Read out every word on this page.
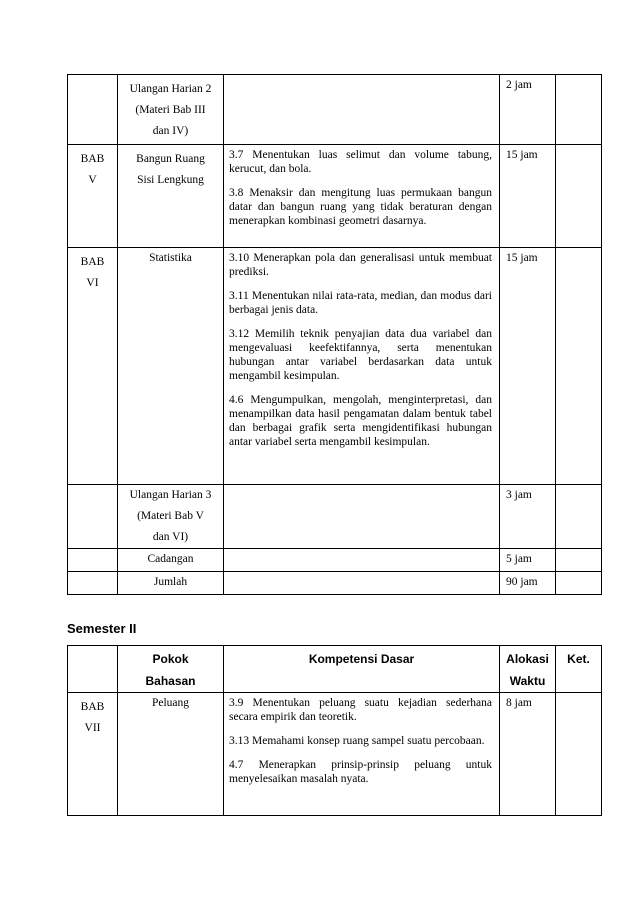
	Ulangan Harian 2 (Materi Bab III dan IV)		2 jam	
BAB V	Bangun Ruang Sisi Lengkung	3.7 Menentukan luas selimut dan volume tabung, kerucut, dan bola.

3.8 Menaksir dan mengitung luas permukaan bangun datar dan bangun ruang yang tidak beraturan dengan menerapkan kombinasi geometri dasarnya.	15 jam	
BAB VI	Statistika	3.10 Menerapkan pola dan generalisasi untuk membuat prediksi.

3.11 Menentukan nilai rata-rata, median, dan modus dari berbagai jenis data.

3.12 Memilih teknik penyajian data dua variabel dan mengevaluasi keefektifannya, serta menentukan hubungan antar variabel berdasarkan data untuk mengambil kesimpulan.

4.6 Mengumpulkan, mengolah, menginterpretasi, dan menampilkan data hasil pengamatan dalam bentuk tabel dan berbagai grafik serta mengidentifikasi hubungan antar variabel serta mengambil kesimpulan.	15 jam	
	Ulangan Harian 3 (Materi Bab V dan VI)		3 jam	
	Cadangan		5 jam	
	Jumlah		90 jam	
Semester II
	Pokok Bahasan	Kompetensi Dasar	Alokasi Waktu	Ket.
BAB VII	Peluang	3.9 Menentukan peluang suatu kejadian sederhana secara empirik dan teoretik.

3.13 Memahami konsep ruang sampel suatu percobaan.

4.7 Menerapkan prinsip-prinsip peluang untuk menyelesaikan masalah nyata.	8 jam	
